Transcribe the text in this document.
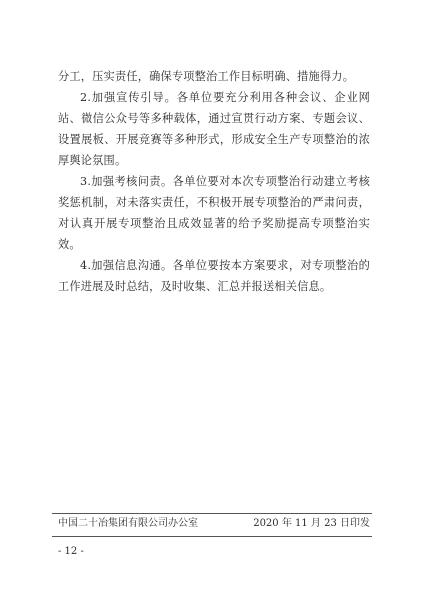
分工，压实责任，确保专项整治工作目标明确、措施得力。

2.加强宣传引导。各单位要充分利用各种会议、企业网站、微信公众号等多种载体，通过宣贯行动方案、专题会议、设置展板、开展竞赛等多种形式，形成安全生产专项整治的浓厚舆论氛围。

3.加强考核问责。各单位要对本次专项整治行动建立考核奖惩机制，对未落实责任，不积极开展专项整治的严肃问责，对认真开展专项整治且成效显著的给予奖励提高专项整治实效。

4.加强信息沟通。各单位要按本方案要求，对专项整治的工作进展及时总结，及时收集、汇总并报送相关信息。

中国二十冶集团有限公司办公室	2020 年 11 月 23 日印发
- 12 -
